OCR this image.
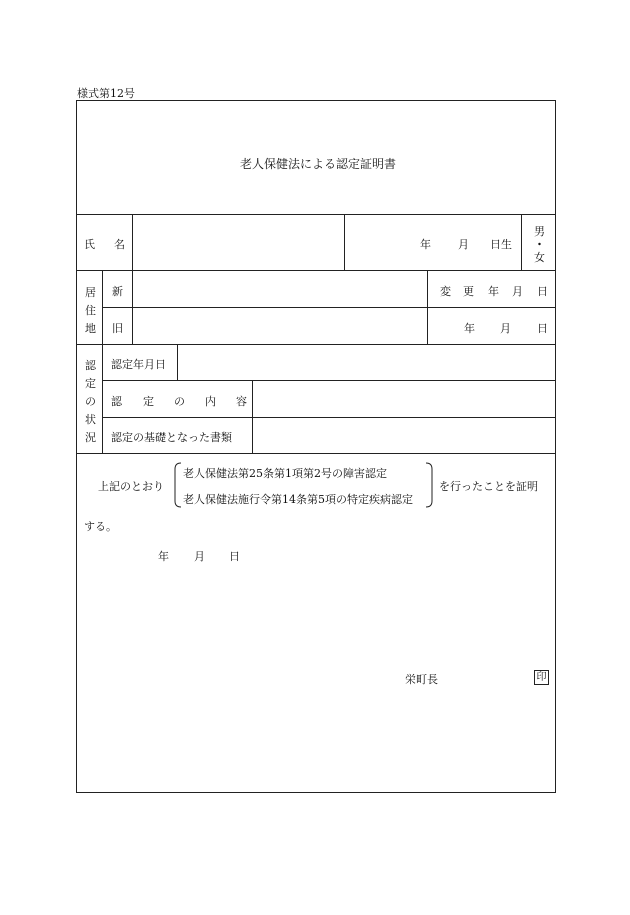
様式第12号
老人保健法による認定証明書
氏 名	年 月 日生
男
・
女
居
住
地
新
旧
変 更 年 月 日
年 月 日
認
定
の
状
況
認定年月日
認 定 の 内 容
認定の基礎となった書類
上記のとおり
老人保健法第25条第1項第2号の障害認定
老人保健法施行令第14条第5項の特定疾病認定
を行ったことを証明
する。
年 月 日
栄町長	印
